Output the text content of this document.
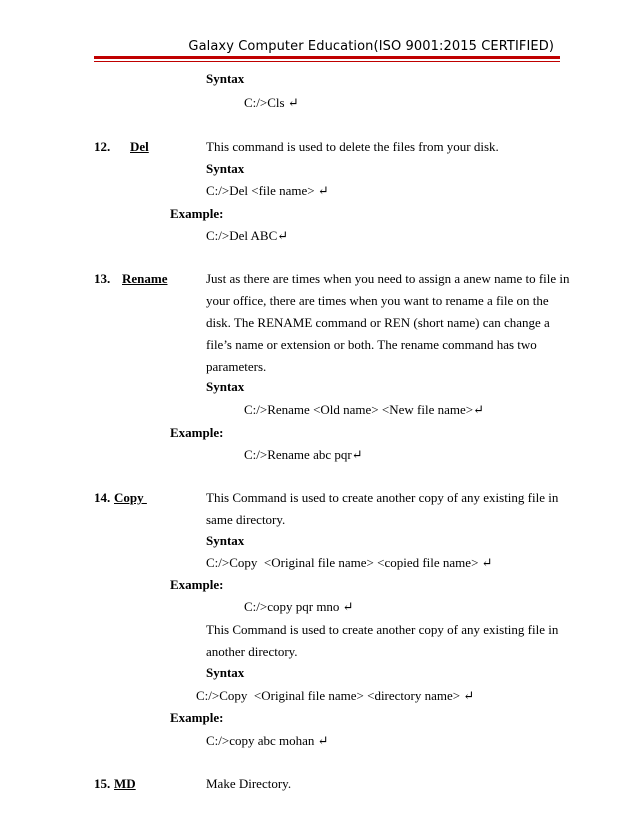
Galaxy Computer Education(ISO 9001:2015 CERTIFIED)
Syntax
C:/>Cls ↵
12. Del	This command is used to delete the files from your disk.
Syntax
C:/>Del <file name> ↵
Example:
C:/>Del ABC↵
13. Rename	Just as there are times when you need to assign a anew name to file in
your office, there are times when you want to rename a file on the
disk. The RENAME command or REN (short name) can change a
file’s name or extension or both. The rename command has two
parameters.
Syntax
C:/>Rename <Old name> <New file name>↵
Example:
C:/>Rename abc pqr↵
14. Copy	This Command is used to create another copy of any existing file in
same directory.
Syntax
C:/>Copy  <Original file name> <copied file name> ↵
Example:
C:/>copy pqr mno ↵
This Command is used to create another copy of any existing file in
another directory.
Syntax
C:/>Copy  <Original file name> <directory name> ↵
Example:
C:/>copy abc mohan ↵
15. MD	Make Directory.
